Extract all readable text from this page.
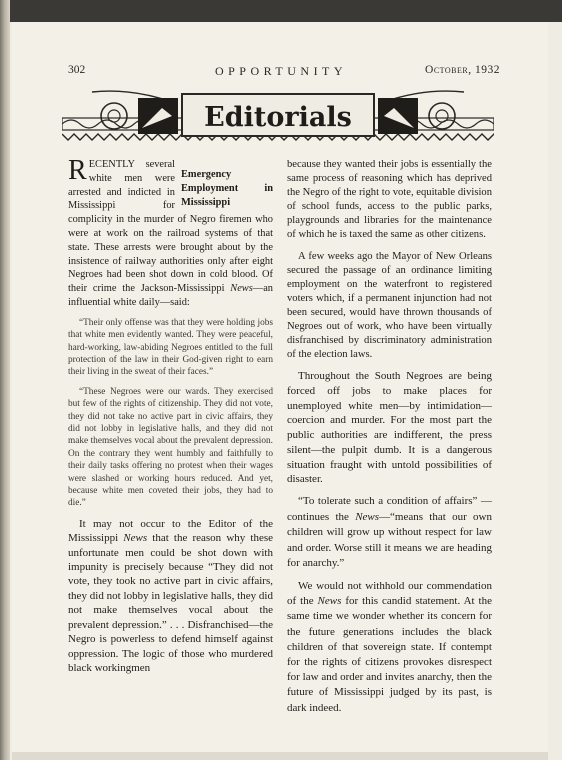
302	OPPORTUNITY	October, 1932
Editorials

R	Emergency Employment in Mississippi
ECENTLY several white men were arrested and indicted in Mississippi for complicity in the murder of Negro firemen who were at work on the railroad systems of that state. These arrests were brought about by the insistence of railway authorities only after eight Negroes had been shot down in cold blood. Of their crime the Jackson-Mississippi News—an influential white daily—said:

“Their only offense was that they were holding jobs that white men evidently wanted. They were peaceful, hard-working, law-abiding Negroes entitled to the full protection of the law in their God-given right to earn their living in the sweat of their faces.”

“These Negroes were our wards. They exercised but few of the rights of citizenship. They did not vote, they did not take no active part in civic affairs, they did not lobby in legislative halls, and they did not make themselves vocal about the prevalent depression. On the contrary they went humbly and faithfully to their daily tasks offering no protest when their wages were slashed or working hours reduced. And yet, because white men coveted their jobs, they had to die.”

It may not occur to the Editor of the Mississippi News that the reason why these unfortunate men could be shot down with impunity is precisely because “They did not vote, they took no active part in civic affairs, they did not lobby in legislative halls, they did not make themselves vocal about the prevalent depression.” . . . Disfranchised—the Negro is powerless to defend himself against oppression. The logic of those who murdered black workingmen

because they wanted their jobs is essentially the same process of reasoning which has deprived the Negro of the right to vote, equitable division of school funds, access to the public parks, playgrounds and libraries for the maintenance of which he is taxed the same as other citizens.

A few weeks ago the Mayor of New Orleans secured the passage of an ordinance limiting employment on the waterfront to registered voters which, if a permanent injunction had not been secured, would have thrown thousands of Negroes out of work, who have been virtually disfranchised by discriminatory administration of the election laws.

Throughout the South Negroes are being forced off jobs to make places for unemployed white men—by intimidation—coercion and murder. For the most part the public authorities are indifferent, the press silent—the pulpit dumb. It is a dangerous situation fraught with untold possibilities of disaster.

“To tolerate such a condition of affairs” —continues the News—“means that our own children will grow up without respect for law and order. Worse still it means we are heading for anarchy.”

We would not withhold our commendation of the News for this candid statement. At the same time we wonder whether its concern for the future generations includes the black children of that sovereign state. If contempt for the rights of citizens provokes disrespect for law and order and invites anarchy, then the future of Mississippi judged by its past, is dark indeed.
